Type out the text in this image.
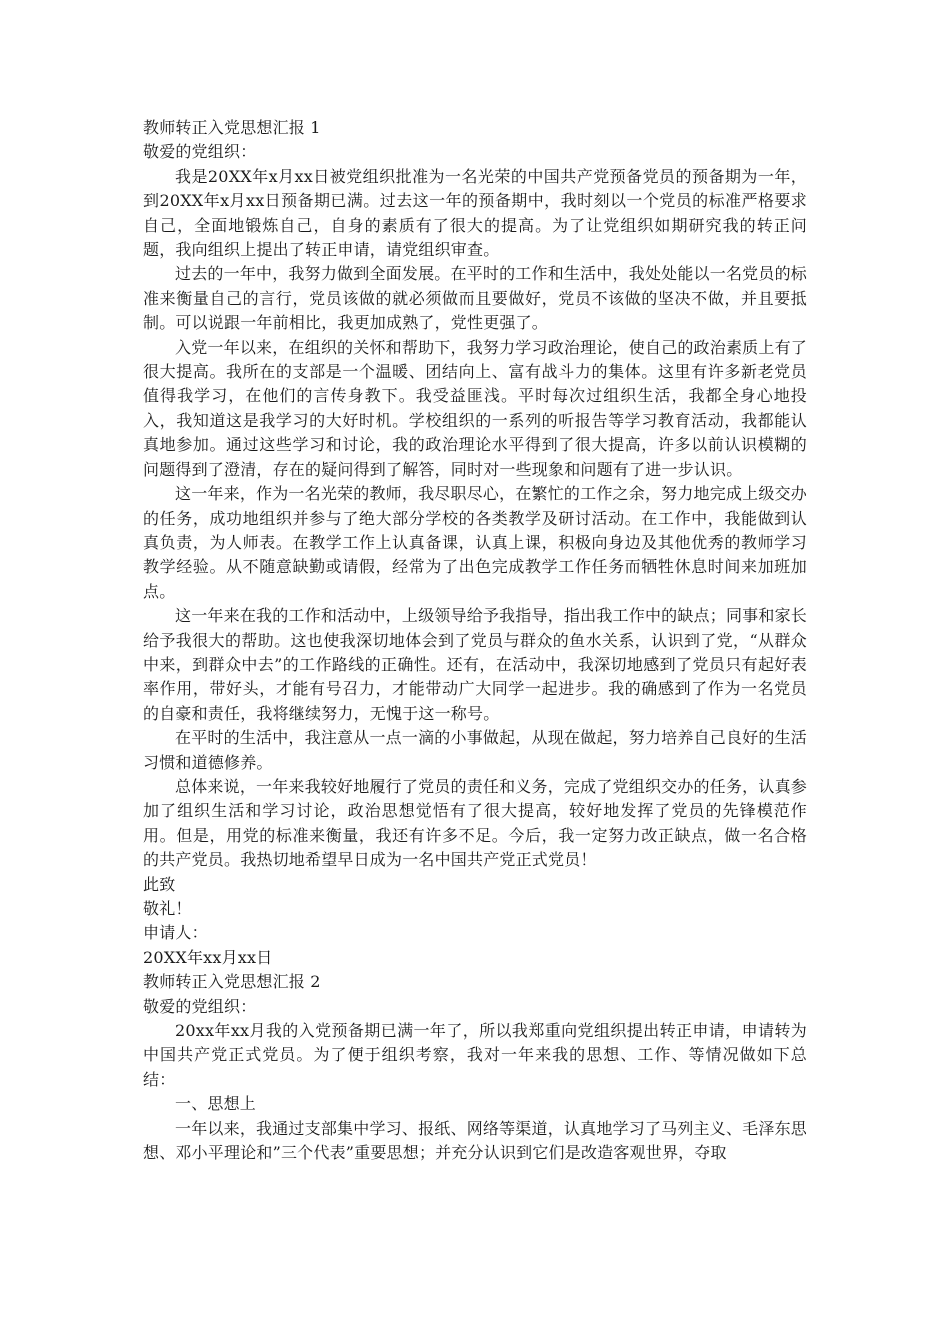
教师转正入党思想汇报 1

敬爱的党组织：

我是20XX年x月xx日被党组织批准为一名光荣的中国共产党预备党员的预备期为一年，到20XX年x月xx日预备期已满。过去这一年的预备期中，我时刻以一个党员的标准严格要求自己，全面地锻炼自己，自身的素质有了很大的提高。为了让党组织如期研究我的转正问题，我向组织上提出了转正申请，请党组织审查。

过去的一年中，我努力做到全面发展。在平时的工作和生活中，我处处能以一名党员的标准来衡量自己的言行，党员该做的就必须做而且要做好，党员不该做的坚决不做，并且要抵制。可以说跟一年前相比，我更加成熟了，党性更强了。

入党一年以来，在组织的关怀和帮助下，我努力学习政治理论，使自己的政治素质上有了很大提高。我所在的支部是一个温暖、团结向上、富有战斗力的集体。这里有许多新老党员值得我学习，在他们的言传身教下。我受益匪浅。平时每次过组织生活，我都全身心地投入，我知道这是我学习的大好时机。学校组织的一系列的听报告等学习教育活动，我都能认真地参加。通过这些学习和讨论，我的政治理论水平得到了很大提高，许多以前认识模糊的问题得到了澄清，存在的疑问得到了解答，同时对一些现象和问题有了进一步认识。

这一年来，作为一名光荣的教师，我尽职尽心，在繁忙的工作之余，努力地完成上级交办的任务，成功地组织并参与了绝大部分学校的各类教学及研讨活动。在工作中，我能做到认真负责，为人师表。在教学工作上认真备课，认真上课，积极向身边及其他优秀的教师学习教学经验。从不随意缺勤或请假，经常为了出色完成教学工作任务而牺牲休息时间来加班加点。

这一年来在我的工作和活动中，上级领导给予我指导，指出我工作中的缺点；同事和家长给予我很大的帮助。这也使我深切地体会到了党员与群众的鱼水关系，认识到了党，“从群众中来，到群众中去”的工作路线的正确性。还有，在活动中，我深切地感到了党员只有起好表率作用，带好头，才能有号召力，才能带动广大同学一起进步。我的确感到了作为一名党员的自豪和责任，我将继续努力，无愧于这一称号。

在平时的生活中，我注意从一点一滴的小事做起，从现在做起，努力培养自己良好的生活习惯和道德修养。

总体来说，一年来我较好地履行了党员的责任和义务，完成了党组织交办的任务，认真参加了组织生活和学习讨论，政治思想觉悟有了很大提高，较好地发挥了党员的先锋模范作用。但是，用党的标准来衡量，我还有许多不足。今后，我一定努力改正缺点，做一名合格的共产党员。我热切地希望早日成为一名中国共产党正式党员！

此致

敬礼！

申请人：

20XX年xx月xx日

教师转正入党思想汇报 2

敬爱的党组织：

20xx年xx月我的入党预备期已满一年了，所以我郑重向党组织提出转正申请，申请转为中国共产党正式党员。为了便于组织考察，我对一年来我的思想、工作、等情况做如下总结：

一、思想上

一年以来，我通过支部集中学习、报纸、网络等渠道，认真地学习了马列主义、毛泽东思想、邓小平理论和”三个代表”重要思想；并充分认识到它们是改造客观世界，夺取
